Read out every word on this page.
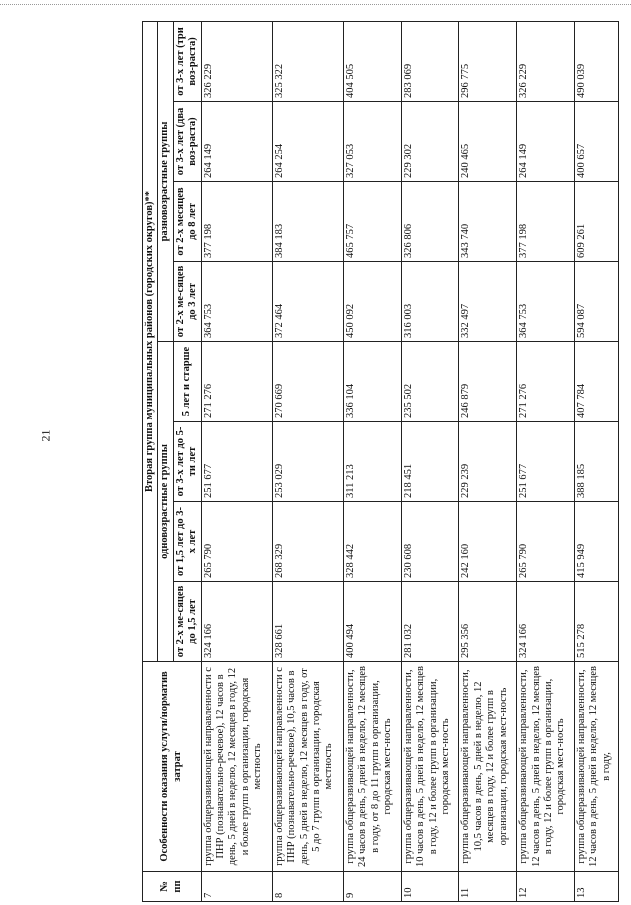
21
№ пп	Особенности оказания услуги/норматив затрат	Вторая группа муниципальных районов (городских округов)**							
		одновозрастные группы				разновозрастные группы			
		от 2-х ме-сяцев до 1,5 лет	от 1,5 лет до 3-х лет	от 3-х лет до 5-ти лет	5 лет и старше	от 2-х ме-сяцев до 3 лет	от 2-х месяцев до 8 лет	от 3-х лет (два воз-раста)	от 3-х лет (три воз-раста)
7	группа общеразвивающей направленности с ПНР (познавательно-речевое), 12 часов в день, 5 дней в неделю, 12 месяцев в году, 12 и более групп в организации, городская местность	324 166	265 790	251 677	271 276	364 753	377 198	264 149	326 229
8	группа общеразвивающей направленности с ПНР (познавательно-речевое), 10,5 часов в день, 5 дней в неделю, 12 месяцев в году, от 5 до 7 групп в организации, городская местность	328 661	268 329	253 029	270 669	372 464	384 183	264 254	325 322
9	группа общеразвивающей направленности, 24 часов в день, 5 дней в неделю, 12 месяцев в году, от 8 до 11 групп в организации, городская мест-ность	400 494	328 442	311 213	336 104	450 092	465 757	327 053	404 505
10	группа общеразвивающей направленности, 10 часов в день, 5 дней в неделю, 12 месяцев в году, 12 и более групп в организации, городская мест-ность	281 032	230 608	218 451	235 502	316 003	326 806	229 302	283 069
11	группа общеразвивающей направленности, 10,5 часов в день, 5 дней в неделю, 12 месяцев в году, 12 и более групп в организации, городская мест-ность	295 356	242 160	229 239	246 879	332 497	343 740	240 465	296 775
12	группа общеразвивающей направленности, 12 часов в день, 5 дней в неделю, 12 месяцев в году, 12 и более групп в организации, городская мест-ность	324 166	265 790	251 677	271 276	364 753	377 198	264 149	326 229
13	группа общеразвивающей направленности, 12 часов в день, 5 дней в неделю, 12 месяцев в году,	515 278	415 949	388 185	407 784	594 087	609 261	400 657	490 039
